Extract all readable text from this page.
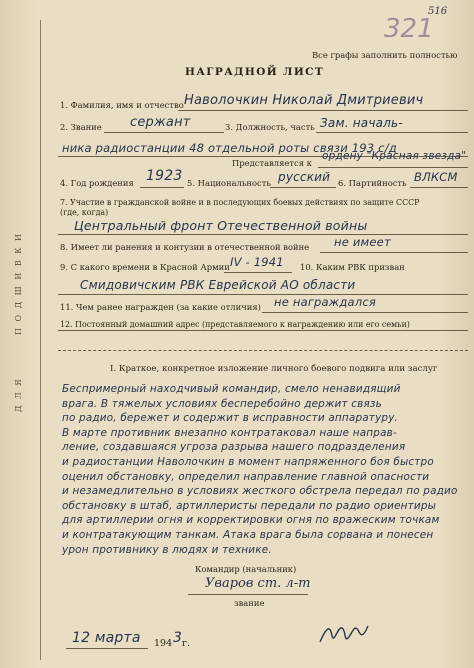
П О Д Ш И В К И
Д Л Я
516
321
Все графы заполнить полностью
НАГРАДНОЙ ЛИСТ
1. Фамилия, имя и отчество Наволочкин Николай Дмитриевич
2. Звание сержант	3. Должность, часть Зам. началь-
ника радиостанции 48 отдельной роты связи 193 с/д
Представляется к
ордену "Красная звезда"
4. Год рождения 1923 5. Национальность русский 6. Партийность ВЛКСМ
7. Участие в гражданской войне и в последующих боевых действиях по защите СССР
(где, когда)
Центральный фронт Отечественной войны
8. Имеет ли ранения и контузии в отечественной войне не имеет
9. С какого времени в Красной Армии IV - 1941 10. Каким РВК призван
Смидовичским РВК Еврейской АО области
11. Чем ранее награжден (за какие отличия) не награждался
12. Постоянный домашний адрес (представляемого к награждению или его семьи)
I. Краткое, конкретное изложение личного боевого подвига или заслуг
Беспримерный находчивый командир, смело ненавидящий
врага. В тяжелых условиях бесперебойно держит связь
по радио, бережет и содержит в исправности аппаратуру.
В марте противник внезапно контратаковал наше направ-
ление, создавшаяся угроза разрыва нашего подразделения
и радиостанции Наволочкин в момент напряженного боя быстро
оценил обстановку, определил направление главной опасности
и незамедлительно в условиях жесткого обстрела передал по радио
обстановку в штаб, артиллеристы передали по радио ориентиры
для артиллерии огня и корректировки огня по вражеским точкам
и контратакующим танкам. Атака врага была сорвана и понесен
урон противнику в людях и технике.
Командир (начальник)
Уваров ст. л-т
звание
12 марта 194 3 г.
